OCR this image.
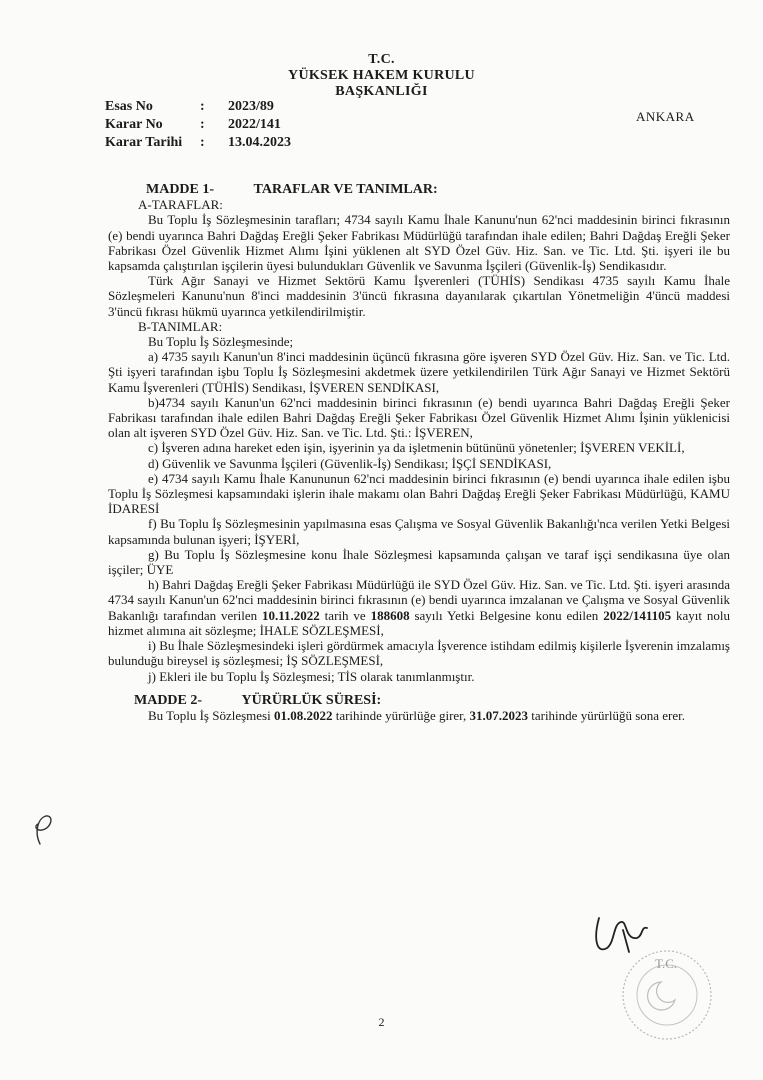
T.C.
YÜKSEK HAKEM KURULU
BAŞKANLIĞI
Esas No	:	2023/89
Karar No	:	2022/141
Karar Tarihi	:	13.04.2023
ANKARA

MADDE 1-	TARAFLAR VE TANIMLAR:

A-TARAFLAR:

Bu Toplu İş Sözleşmesinin tarafları; 4734 sayılı Kamu İhale Kanunu'nun 62'nci maddesinin birinci fıkrasının (e) bendi uyarınca Bahri Dağdaş Ereğli Şeker Fabrikası Müdürlüğü tarafından ihale edilen; Bahri Dağdaş Ereğli Şeker Fabrikası Özel Güvenlik Hizmet Alımı İşini yüklenen alt SYD Özel Güv. Hiz. San. ve Tic. Ltd. Şti. işyeri ile bu kapsamda çalıştırılan işçilerin üyesi bulundukları Güvenlik ve Savunma İşçileri (Güvenlik-İş) Sendikasıdır.

Türk Ağır Sanayi ve Hizmet Sektörü Kamu İşverenleri (TÜHİS) Sendikası 4735 sayılı Kamu İhale Sözleşmeleri Kanunu'nun 8'inci maddesinin 3'üncü fıkrasına dayanılarak çıkartılan Yönetmeliğin 4'üncü maddesi 3'üncü fıkrası hükmü uyarınca yetkilendirilmiştir.

B-TANIMLAR:

Bu Toplu İş Sözleşmesinde;

a) 4735 sayılı Kanun'un 8'inci maddesinin üçüncü fıkrasına göre işveren SYD Özel Güv. Hiz. San. ve Tic. Ltd. Şti işyeri tarafından işbu Toplu İş Sözleşmesini akdetmek üzere yetkilendirilen Türk Ağır Sanayi ve Hizmet Sektörü Kamu İşverenleri (TÜHİS) Sendikası, İŞVEREN SENDİKASI,

b)4734 sayılı Kanun'un 62'nci maddesinin birinci fıkrasının (e) bendi uyarınca Bahri Dağdaş Ereğli Şeker Fabrikası tarafından ihale edilen Bahri Dağdaş Ereğli Şeker Fabrikası Özel Güvenlik Hizmet Alımı İşinin yüklenicisi olan alt işveren SYD Özel Güv. Hiz. San. ve Tic. Ltd. Şti.: İŞVEREN,

c) İşveren adına hareket eden işin, işyerinin ya da işletmenin bütününü yönetenler; İŞVEREN VEKİLİ,

d) Güvenlik ve Savunma İşçileri (Güvenlik-İş) Sendikası; İŞÇİ SENDİKASI,

e) 4734 sayılı Kamu İhale Kanununun 62'nci maddesinin birinci fıkrasının (e) bendi uyarınca ihale edilen işbu Toplu İş Sözleşmesi kapsamındaki işlerin ihale makamı olan Bahri Dağdaş Ereğli Şeker Fabrikası Müdürlüğü, KAMU İDARESİ

f) Bu Toplu İş Sözleşmesinin yapılmasına esas Çalışma ve Sosyal Güvenlik Bakanlığı'nca verilen Yetki Belgesi kapsamında bulunan işyeri; İŞYERİ,

g) Bu Toplu İş Sözleşmesine konu İhale Sözleşmesi kapsamında çalışan ve taraf işçi sendikasına üye olan işçiler; ÜYE

h) Bahri Dağdaş Ereğli Şeker Fabrikası Müdürlüğü ile SYD Özel Güv. Hiz. San. ve Tic. Ltd. Şti. işyeri arasında 4734 sayılı Kanun'un 62'nci maddesinin birinci fıkrasının (e) bendi uyarınca imzalanan ve Çalışma ve Sosyal Güvenlik Bakanlığı tarafından verilen 10.11.2022 tarih ve 188608 sayılı Yetki Belgesine konu edilen 2022/141105 kayıt nolu hizmet alımına ait sözleşme; İHALE SÖZLEŞMESİ,

i) Bu İhale Sözleşmesindeki işleri gördürmek amacıyla İşverence istihdam edilmiş kişilerle İşverenin imzalamış bulunduğu bireysel iş sözleşmesi; İŞ SÖZLEŞMESİ,

j) Ekleri ile bu Toplu İş Sözleşmesi; TİS olarak tanımlanmıştır.

MADDE 2-	YÜRÜRLÜK SÜRESİ:

Bu Toplu İş Sözleşmesi 01.08.2022 tarihinde yürürlüğe girer, 31.07.2023 tarihinde yürürlüğü sona erer.

T.C.
2
